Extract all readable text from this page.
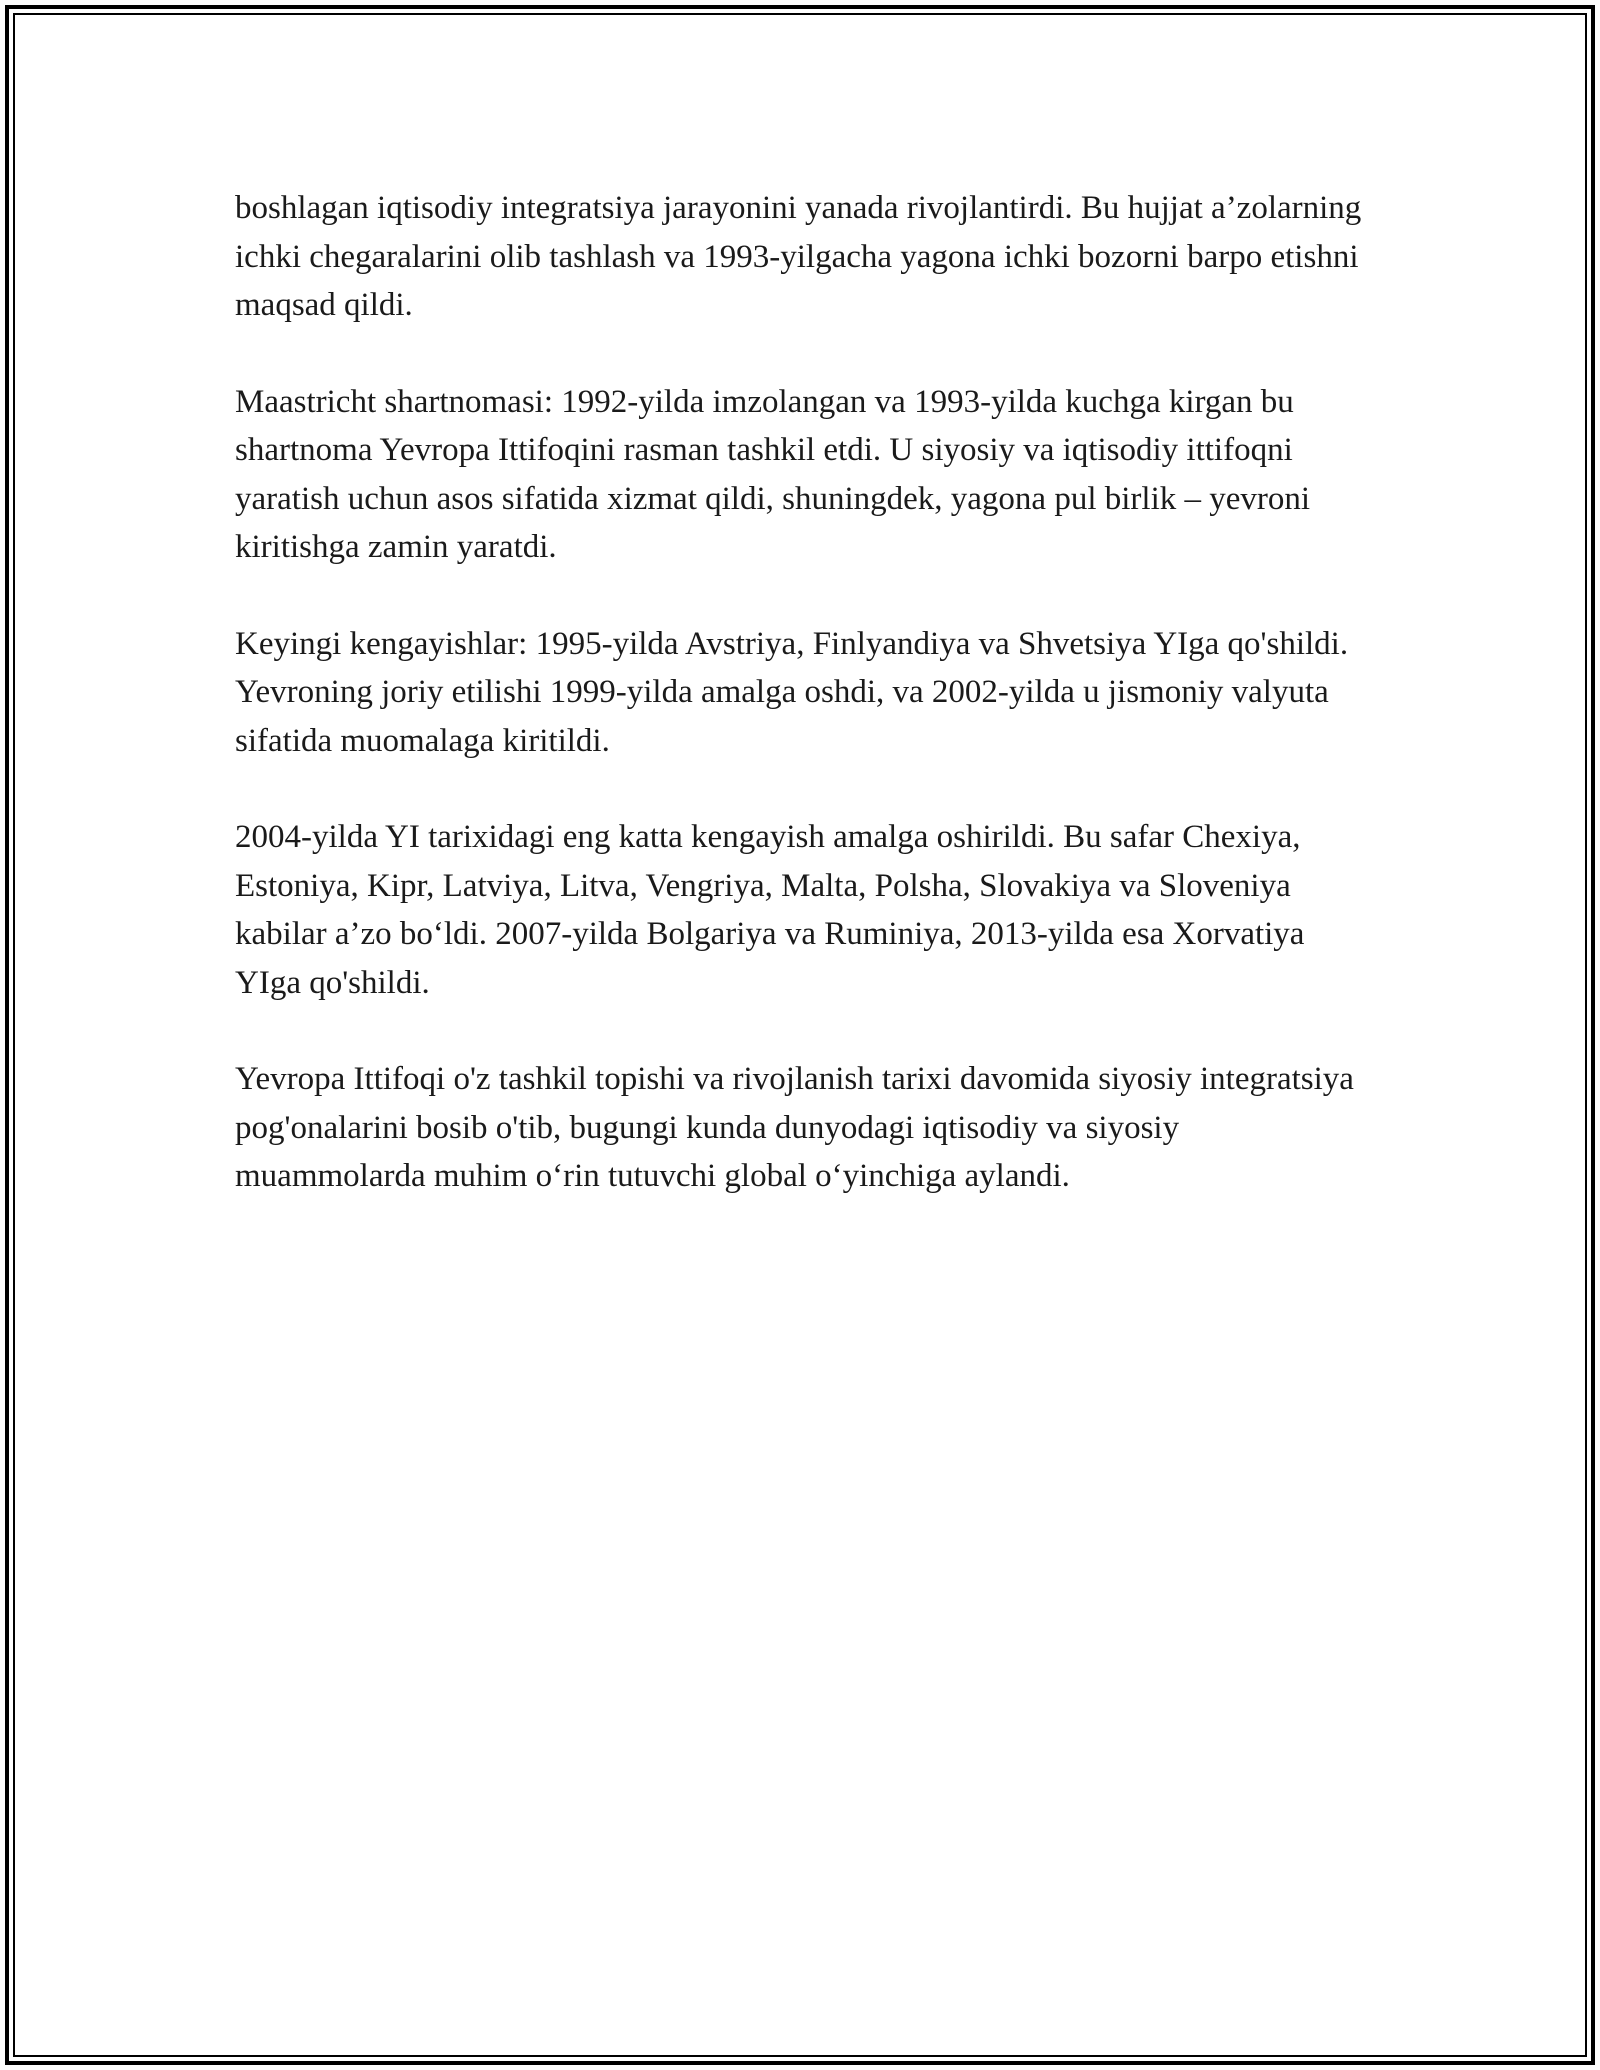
boshlagan iqtisodiy integratsiya jarayonini yanada rivojlantirdi. Bu hujjat a’zolarning ichki chegaralarini olib tashlash va 1993-yilgacha yagona ichki bozorni barpo etishni maqsad qildi.

Maastricht shartnomasi: 1992-yilda imzolangan va 1993-yilda kuchga kirgan bu shartnoma Yevropa Ittifoqini rasman tashkil etdi. U siyosiy va iqtisodiy ittifoqni yaratish uchun asos sifatida xizmat qildi, shuningdek, yagona pul birlik – yevroni kiritishga zamin yaratdi.

Keyingi kengayishlar: 1995-yilda Avstriya, Finlyandiya va Shvetsiya YIga qo'shildi. Yevroning joriy etilishi 1999-yilda amalga oshdi, va 2002-yilda u jismoniy valyuta sifatida muomalaga kiritildi.

2004-yilda YI tarixidagi eng katta kengayish amalga oshirildi. Bu safar Chexiya, Estoniya, Kipr, Latviya, Litva, Vengriya, Malta, Polsha, Slovakiya va Sloveniya kabilar a’zo bo‘ldi. 2007-yilda Bolgariya va Ruminiya, 2013-yilda esa Xorvatiya YIga qo'shildi.

Yevropa Ittifoqi o'z tashkil topishi va rivojlanish tarixi davomida siyosiy integratsiya pog'onalarini bosib o'tib, bugungi kunda dunyodagi iqtisodiy va siyosiy muammolarda muhim o‘rin tutuvchi global o‘yinchiga aylandi.
